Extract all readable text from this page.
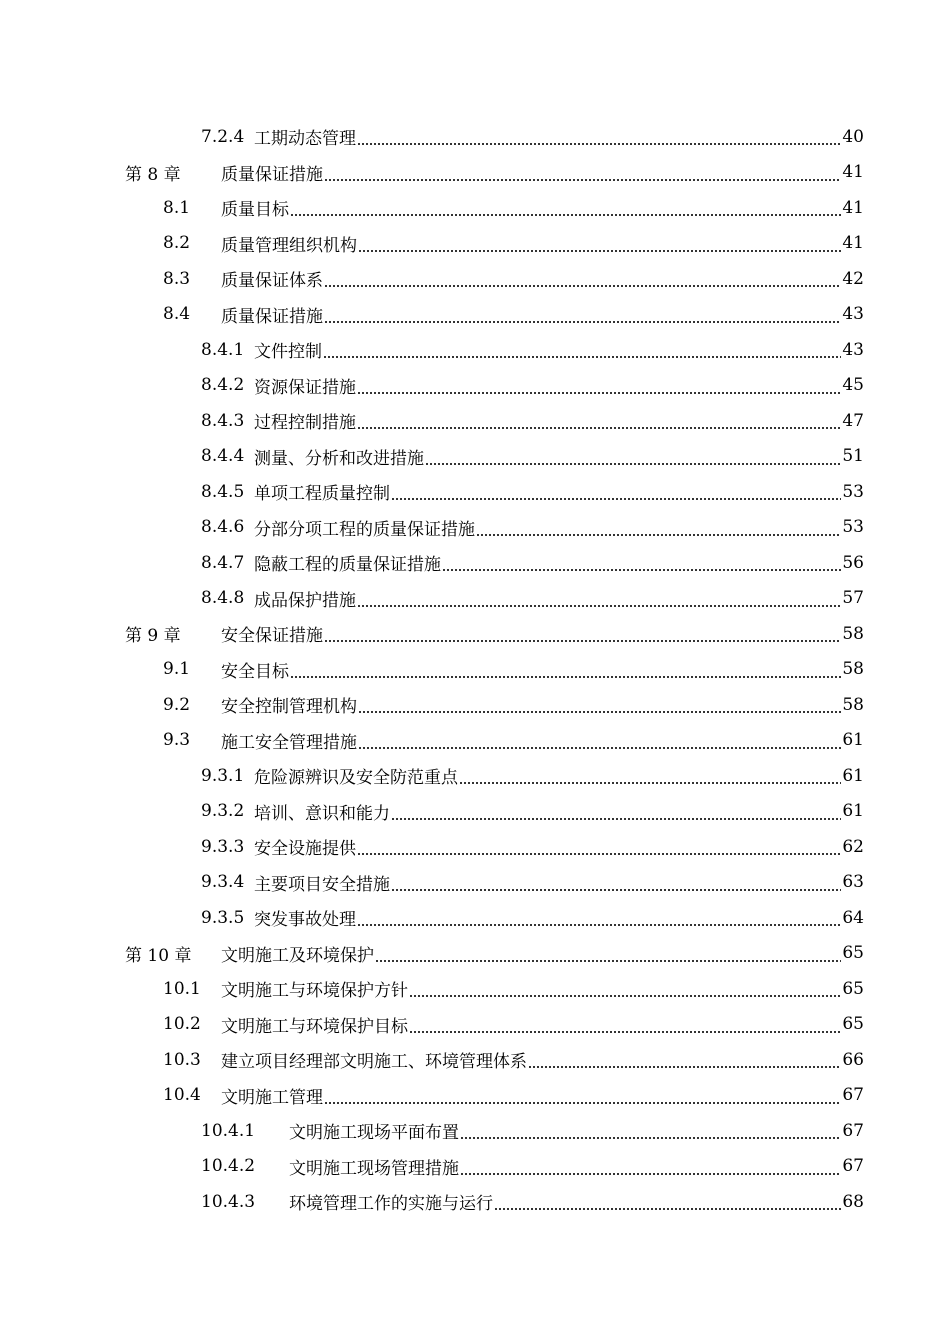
7.2.4 工期动态管理	40
第 8 章 质量保证措施	41
8.1 质量目标	41
8.2 质量管理组织机构	41
8.3 质量保证体系	42
8.4 质量保证措施	43
8.4.1 文件控制	43
8.4.2 资源保证措施	45
8.4.3 过程控制措施	47
8.4.4 测量、分析和改进措施	51
8.4.5 单项工程质量控制	53
8.4.6 分部分项工程的质量保证措施	53
8.4.7 隐蔽工程的质量保证措施	56
8.4.8 成品保护措施	57
第 9 章 安全保证措施	58
9.1 安全目标	58
9.2 安全控制管理机构	58
9.3 施工安全管理措施	61
9.3.1 危险源辨识及安全防范重点	61
9.3.2 培训、意识和能力	61
9.3.3 安全设施提供	62
9.3.4 主要项目安全措施	63
9.3.5 突发事故处理	64
第 10 章 文明施工及环境保护	65
10.1 文明施工与环境保护方针	65
10.2 文明施工与环境保护目标	65
10.3 建立项目经理部文明施工、环境管理体系	66
10.4 文明施工管理	67
10.4.1 文明施工现场平面布置	67
10.4.2 文明施工现场管理措施	67
10.4.3 环境管理工作的实施与运行	68
